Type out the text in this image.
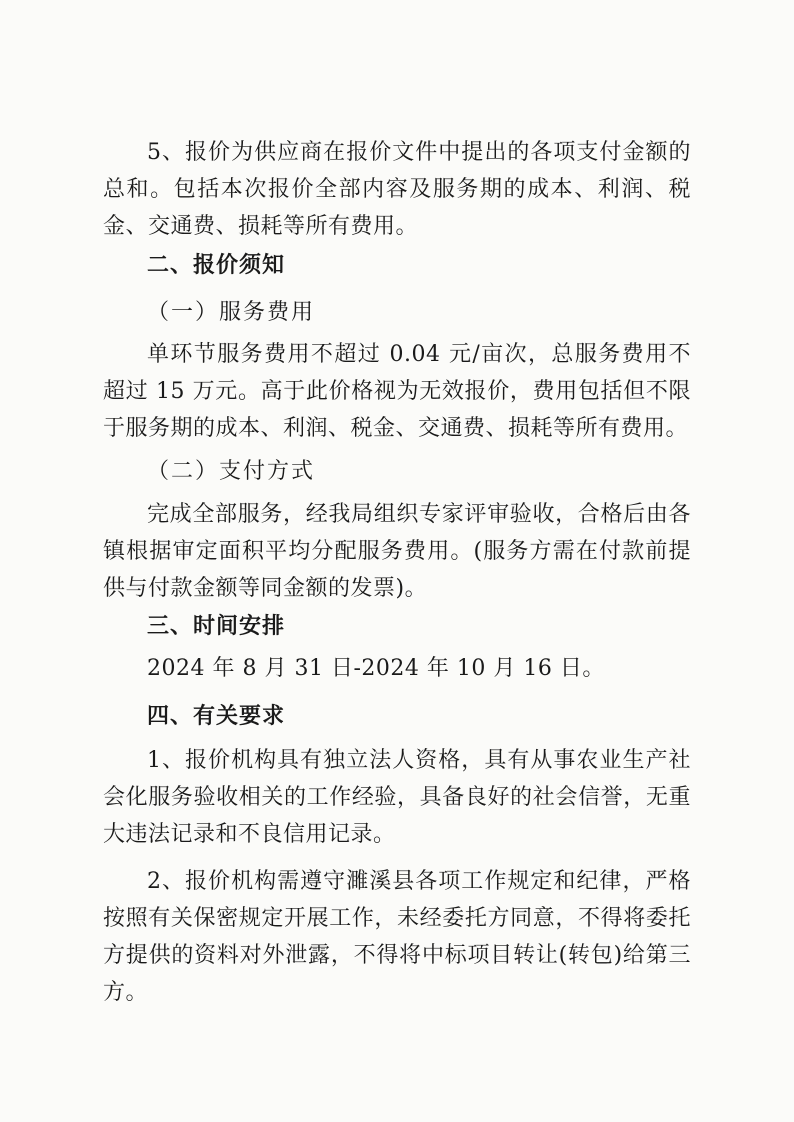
5、报价为供应商在报价文件中提出的各项支付金额的总和。包括本次报价全部内容及服务期的成本、利润、税金、交通费、损耗等所有费用。

二、报价须知

（一）服务费用

单环节服务费用不超过 0.04 元/亩次，总服务费用不超过 15 万元。高于此价格视为无效报价，费用包括但不限于服务期的成本、利润、税金、交通费、损耗等所有费用。

（二）支付方式

完成全部服务，经我局组织专家评审验收，合格后由各镇根据审定面积平均分配服务费用。(服务方需在付款前提供与付款金额等同金额的发票)。

三、时间安排

2024 年 8 月 31 日-2024 年 10 月 16 日。

四、有关要求

1、报价机构具有独立法人资格，具有从事农业生产社会化服务验收相关的工作经验，具备良好的社会信誉，无重大违法记录和不良信用记录。

2、报价机构需遵守濉溪县各项工作规定和纪律，严格按照有关保密规定开展工作，未经委托方同意，不得将委托方提供的资料对外泄露，不得将中标项目转让(转包)给第三方。
